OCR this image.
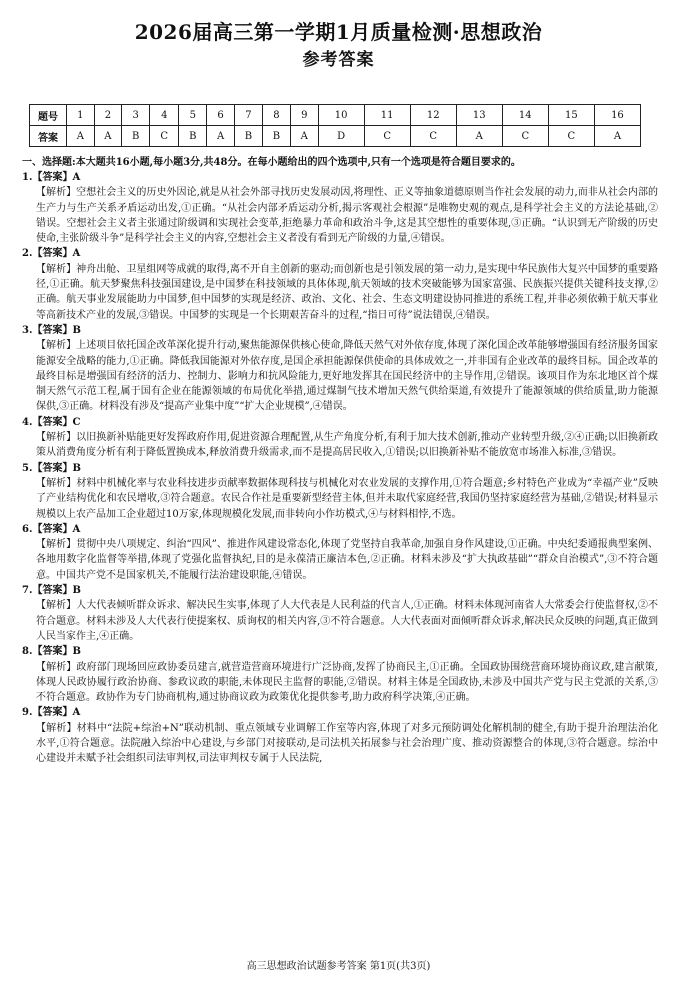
2026届高三第一学期1月质量检测·思想政治
参考答案
题号	1	2	3	4	5	6	7	8	9	10	11	12	13	14	15	16
答案	A	A	B	C	B	A	B	B	A	D	C	C	A	C	C	A
一、选择题:本大题共16小题,每小题3分,共48分。在每小题给出的四个选项中,只有一个选项是符合题目要求的。
1.【答案】A
【解析】空想社会主义的历史外因论,就是从社会外部寻找历史发展动因,将理性、正义等抽象道德原则当作社会发展的动力,而非从社会内部的生产力与生产关系矛盾运动出发,①正确。“从社会内部矛盾运动分析,揭示客观社会根源”是唯物史观的观点,是科学社会主义的方法论基础,②错误。空想社会主义者主张通过阶级调和实现社会变革,拒绝暴力革命和政治斗争,这是其空想性的重要体现,③正确。“认识到无产阶级的历史使命,主张阶级斗争”是科学社会主义的内容,空想社会主义者没有看到无产阶级的力量,④错误。
2.【答案】A
【解析】神舟出舱、卫星组网等成就的取得,离不开自主创新的驱动;而创新也是引领发展的第一动力,是实现中华民族伟大复兴中国梦的重要路径,①正确。航天梦聚焦科技强国建设,是中国梦在科技领域的具体体现,航天领域的技术突破能够为国家富强、民族振兴提供关键科技支撑,②正确。航天事业发展能助力中国梦,但中国梦的实现是经济、政治、文化、社会、生态文明建设协同推进的系统工程,并非必须依赖于航天事业等高新技术产业的发展,③错误。中国梦的实现是一个长期艰苦奋斗的过程,“指日可待”说法错误,④错误。
3.【答案】B
【解析】上述项目依托国企改革深化提升行动,聚焦能源保供核心使命,降低天然气对外依存度,体现了深化国企改革能够增强国有经济服务国家能源安全战略的能力,①正确。降低我国能源对外依存度,是国企承担能源保供使命的具体成效之一,并非国有企业改革的最终目标。国企改革的最终目标是增强国有经济的活力、控制力、影响力和抗风险能力,更好地发挥其在国民经济中的主导作用,②错误。该项目作为东北地区首个煤制天然气示范工程,属于国有企业在能源领域的布局优化举措,通过煤制气技术增加天然气供给渠道,有效提升了能源领域的供给质量,助力能源保供,③正确。材料没有涉及“提高产业集中度”“扩大企业规模”,④错误。
4.【答案】C
【解析】以旧换新补贴能更好发挥政府作用,促进资源合理配置,从生产角度分析,有利于加大技术创新,推动产业转型升级,②④正确;以旧换新政策从消费角度分析有利于降低置换成本,释放消费升级需求,而不是提高居民收入,①错误;以旧换新补贴不能放宽市场准入标准,③错误。
5.【答案】B
【解析】材料中机械化率与农业科技进步贡献率数据体现科技与机械化对农业发展的支撑作用,①符合题意;乡村特色产业成为“幸福产业”反映了产业结构优化和农民增收,③符合题意。农民合作社是重要新型经营主体,但并未取代家庭经营,我国仍坚持家庭经营为基础,②错误;材料显示规模以上农产品加工企业超过10万家,体现规模化发展,而非转向小作坊模式,④与材料相悖,不选。
6.【答案】A
【解析】贯彻中央八项规定、纠治“四风”、推进作风建设常态化,体现了党坚持自我革命,加强自身作风建设,①正确。中央纪委通报典型案例、各地用数字化监督等举措,体现了党强化监督执纪,目的是永葆清正廉洁本色,②正确。材料未涉及“扩大执政基础”“群众自治模式”,③不符合题意。中国共产党不是国家机关,不能履行法治建设职能,④错误。
7.【答案】B
【解析】人大代表倾听群众诉求、解决民生实事,体现了人大代表是人民利益的代言人,①正确。材料未体现河南省人大常委会行使监督权,②不符合题意。材料未涉及人大代表行使提案权、质询权的相关内容,③不符合题意。人大代表面对面倾听群众诉求,解决民众反映的问题,真正做到人民当家作主,④正确。
8.【答案】B
【解析】政府部门现场回应政协委员建言,就营造营商环境进行广泛协商,发挥了协商民主,①正确。全国政协围绕营商环境协商议政,建言献策,体现人民政协履行政治协商、参政议政的职能,未体现民主监督的职能,②错误。材料主体是全国政协,未涉及中国共产党与民主党派的关系,③不符合题意。政协作为专门协商机构,通过协商议政为政策优化提供参考,助力政府科学决策,④正确。
9.【答案】A
【解析】材料中“法院+综治+N”联动机制、重点领域专业调解工作室等内容,体现了对多元预防调处化解机制的健全,有助于提升治理法治化水平,①符合题意。法院融入综治中心建设,与乡部门对接联动,是司法机关拓展参与社会治理广度、推动资源整合的体现,③符合题意。综治中心建设并未赋予社会组织司法审判权,司法审判权专属于人民法院,
高三思想政治试题参考答案 第1页(共3页)
